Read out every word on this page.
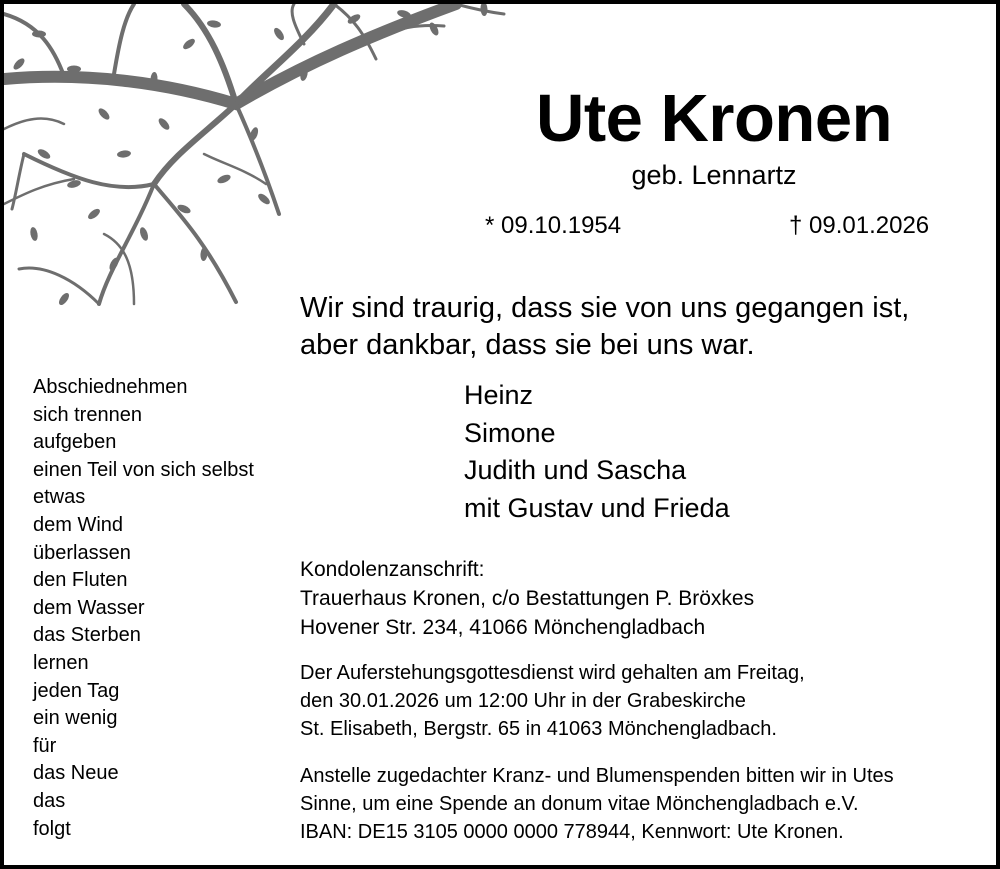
Ute Kronen
geb. Lennartz
* 09.10.1954	† 09.01.2026
Wir sind traurig, dass sie von uns gegangen ist,
aber dankbar, dass sie bei uns war.
Abschiednehmen
sich trennen
aufgeben
einen Teil von sich selbst
etwas
dem Wind
überlassen
den Fluten
dem Wasser
das Sterben
lernen
jeden Tag
ein wenig
für
das Neue
das
folgt
Heinz
Simone
Judith und Sascha
mit Gustav und Frieda
Kondolenzanschrift:
Trauerhaus Kronen, c/o Bestattungen P. Bröxkes
Hovener Str. 234, 41066 Mönchengladbach
Der Auferstehungsgottesdienst wird gehalten am Freitag,
den 30.01.2026 um 12:00 Uhr in der Grabeskirche
St. Elisabeth, Bergstr. 65 in 41063 Mönchengladbach.
Anstelle zugedachter Kranz- und Blumenspenden bitten wir in Utes
Sinne, um eine Spende an donum vitae Mönchengladbach e.V.
IBAN: DE15 3105 0000 0000 778944, Kennwort: Ute Kronen.
